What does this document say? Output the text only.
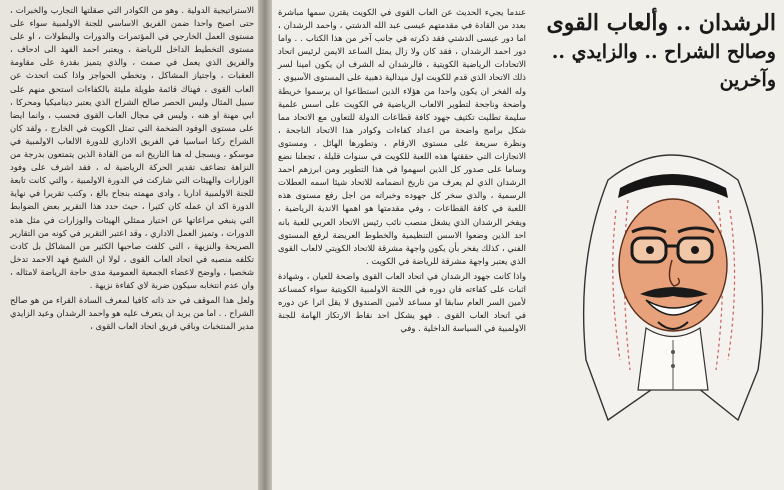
الاستراتيجية الدولية . وهو من الكوادر التي صقلتها التجارب والخبرات ، حتى اصبح واحدا ضمن الفريق الاساسي للجنة الاولمبية سواء على مستوى العمل الخارجي في المؤتمرات والدورات والبطولات ، او على مستوى التخطيط الداخل للرياضة ، ويعتبر احمد الفهد الى ادحاف ، والفريق الذي يعمل في صمت ، والذي يتميز بقدرة على مقاومة العقبات ، واجتياز المشاكل ، وتخطي الحواجز واذا كنت اتحدث عن العاب القوى ، فهناك قائمة طويلة مليئة بالكفاءات استحق منهم على سبيل المثال وليس الحصر صالح الشراح الذي يعتبر ديناميكيا ومحركا ، ابي مهنة او هنه ، وليس في مجال العاب القوى فحسب ، وانما ايضا على مستوى الوفود الضخمة التي تمثل الكويت في الخارج ، ولقد كان الشراح ركنا اساسيا في الفريق الاداري للدورة الالعاب الاولمبية في موسكو ، ويسجل له هنا التاريخ انه من القادة الذين يتمتعون بدرجة من النزاهة تضاعف تقدير الحركة الرياضية له ، فقد اشرف على وفود الوزارات والهيئات التي شاركت في الدورة الاولمبية ، والتي كانت تابعة للجنة الاولمبية اداريا ، وادى مهمته بنجاح بالغ ، وكتب تقريرا في نهاية الدورة اكد ان عمله كان كثيرا ، حيث حدد هذا التقرير بعض الضوابط التي ينبغي مراعاتها عن اختيار ممثلي الهيئات والوزارات في مثل هذه الدورات ، وتميز العمل الاداري ، وقد اعتبر التقرير في كونه من التقارير الصريحة والنزيهة ، التي كلفت صاحبها الكثير من المشاكل بل كادت تكلفه منصبه في اتحاد العاب القوى ، لولا ان الشيخ فهد الاحمد تدخل شخصيا ، واوضح لاعضاء الجمعية العمومية مدى حاجة الرياضة لامثاله ، وان عدم انتخابه سيكون ضربة لاي كفاءة نزيهة .

ولعل هذا الموقف في حد ذاته كافيا لمعرف السادة القراء من هو صالح الشراح . . اما من يريد ان يتعرف عليه هو واحمد الرشدان وعيد الزايدي مدير المنتخبات وباقي فريق اتحاد العاب القوى ،

عندما يجيء الحديث عن العاب القوى في الكويت يقترن سمها مباشرة بعدد من القادة في مقدمتهم عيسى عبد الله الدشتي ، واحمد الرشدان ، اما دور عيسى الدشتي فقد ذكرته في جانب آخر من هذا الكتاب . . واما دور احمد الرشدان ، فقد كان ولا زال يمثل الساعد الايمن لرئيس اتحاد الاتحادات الرياضية الكويتية ، فالرشدان له الشرف ان يكون امينا لسر ذلك الاتحاد الذي قدم للكويت اول ميدالية ذهبية على المستوى الآسيوي . وله الفخر ان يكون واحدا من هؤلاء الذين استطاعوا ان يرسموا خريطة واضحة وناجحة لتطوير الالعاب الرياضية في الكويت على اسس علمية سليمة تطلبت تكثيف جهود كافة قطاعات الدولة للتعاون مع الاتحاد مما شكل برامج واضحة من اعداد كفاءات وكوادر هذا الاتحاد الناجحة ، ونظرة سريعة على مستوى الارقام ، وتطورها الهائل ، ومستوى الانجازات التي حققتها هذه اللعبة للكويت في سنوات قليلة ، تجعلنا نضع وساما على صدور كل الذين اسهموا في هذا التطوير ومن ابرزهم احمد الرشدان الذي لم يعرف من تاريخ انضمامه للاتحاد شيئا اسمه العطلات الرسمية ، والذي سخر كل جهوده وخبراته من اجل رفع مستوى هذه اللعبة في كافة القطاعات ، وفي مقدمتها هو اهمها الاندية الرياضية ، ويفخر الرشدان الذي يشغل منصب نائب رئيس الاتحاد العربي للعبة بانه احد الذين وضعوا الاسس التنظيمية والخطوط العريضة لرفع المستوى الفني ، كذلك يفخر بأن يكون واجهة مشرقة للاتحاد الكويتي لالعاب القوى الذي يعتبر واجهة مشرقة للرياضة في الكويت .

واذا كانت جهود الرشدان في اتحاد العاب القوى واضحة للعيان ، وشهادة اثبات على كفاءته فان دوره في اللجنة الاولمبية الكويتية سواء كمساعد لأمين السر العام سابقا او مساعد لأمين الصندوق لا يقل اثرا عن دوره في اتحاد العاب القوى . فهو يشكل احد نقاط الارتكاز الهامة للجنة الاولمبية في السياسة الداخلية . وفي

الرشدان .. وألعاب القوى
وصالح الشراح .. والزايدي .. وآخرين
